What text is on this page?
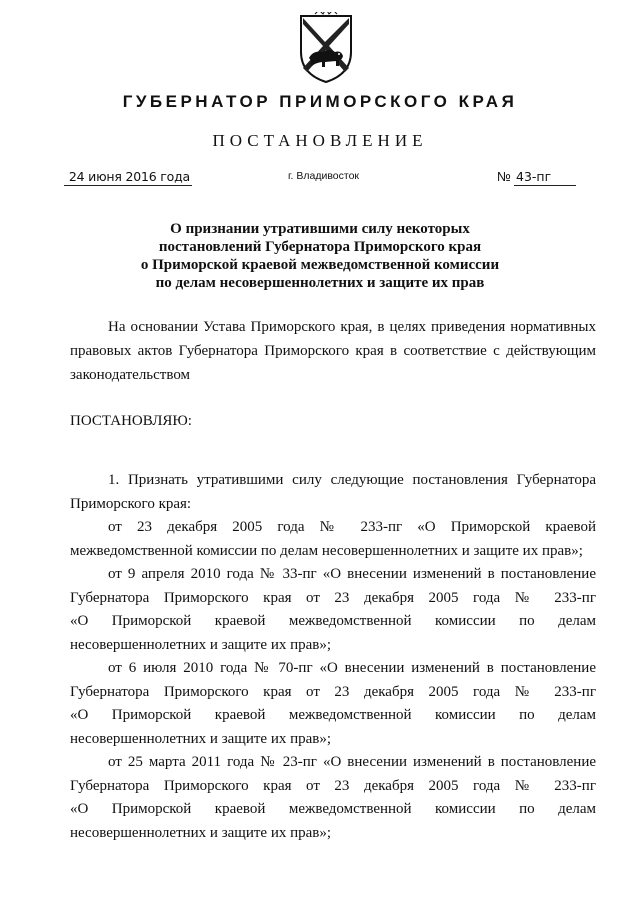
ГУБЕРНАТОР ПРИМОРСКОГО КРАЯ
ПОСТАНОВЛЕНИЕ
24 июня 2016 года	г. Владивосток	№ 43-пг
О признании утратившими силу некоторых
постановлений Губернатора Приморского края
о Приморской краевой межведомственной комиссии
по делам несовершеннолетних и защите их прав
На основании Устава Приморского края, в целях приведения нормативных
правовых актов Губернатора Приморского края в соответствие с действующим
законодательством
ПОСТАНОВЛЯЮ:
1. Признать утратившими силу следующие постановления Губернатора
Приморского края:
от 23 декабря 2005 года № 233-пг «О Приморской краевой
межведомственной комиссии по делам несовершеннолетних и защите их прав»;
от 9 апреля 2010 года № 33-пг «О внесении изменений в постановление
Губернатора Приморского края от 23 декабря 2005 года № 233-пг
«О Приморской краевой межведомственной комиссии по делам
несовершеннолетних и защите их прав»;
от 6 июля 2010 года № 70-пг «О внесении изменений в постановление
Губернатора Приморского края от 23 декабря 2005 года № 233-пг
«О Приморской краевой межведомственной комиссии по делам
несовершеннолетних и защите их прав»;
от 25 марта 2011 года № 23-пг «О внесении изменений в постановление
Губернатора Приморского края от 23 декабря 2005 года № 233-пг
«О Приморской краевой межведомственной комиссии по делам
несовершеннолетних и защите их прав»;
